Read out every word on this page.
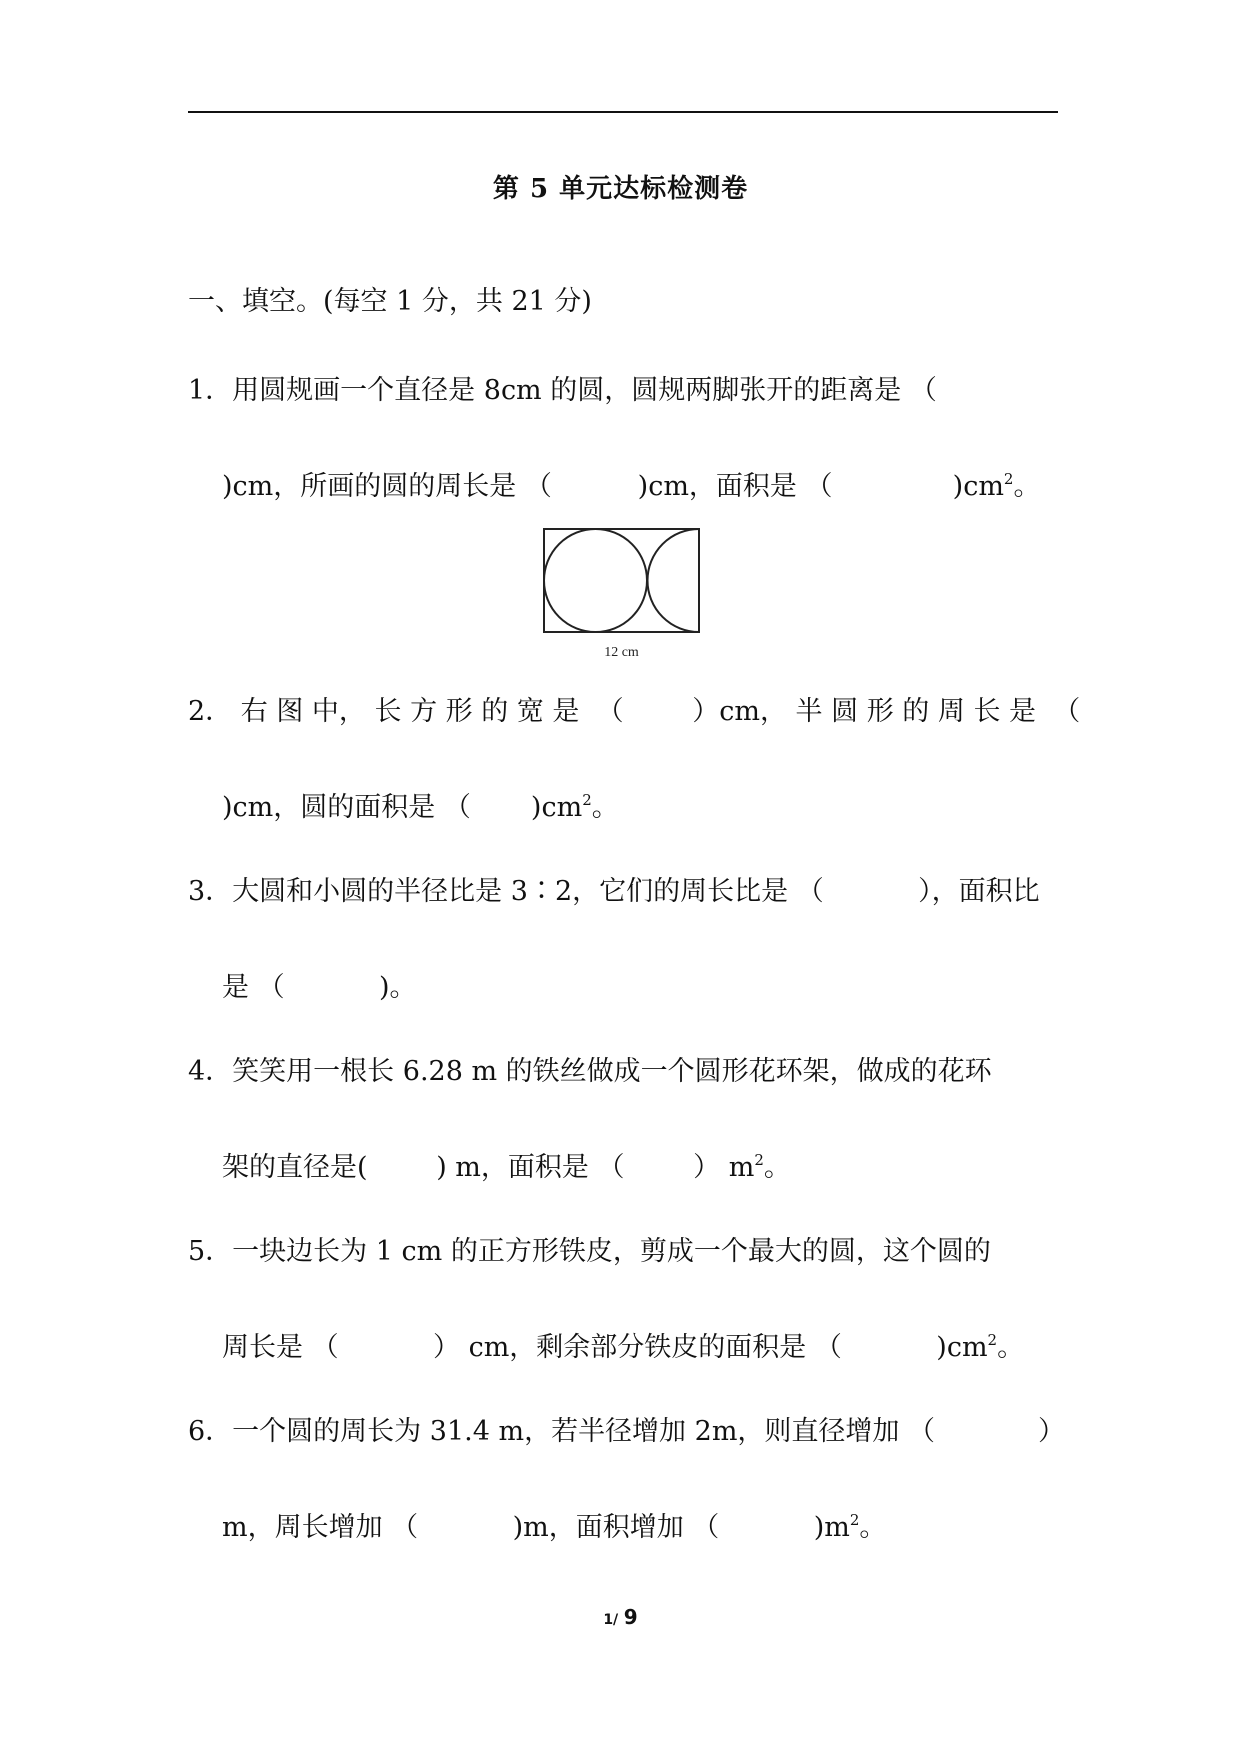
第 5 单元达标检测卷
一、填空。(每空 1 分，共 21 分)
1．用圆规画一个直径是 8cm 的圆，圆规两脚张开的距离是 （
)cm，所画的圆的周长是 （          )cm，面积是 （              )$cm^2$。
12 cm
2． 右 图 中， 长 方 形 的 宽 是  （        ）cm， 半 圆 形 的 周 长 是  （
)cm，圆的面积是 （       )$cm^2$。
3．大圆和小圆的半径比是 3∶2，它们的周长比是 （           ），面积比
是 （           )。
4．笑笑用一根长 6.28 m 的铁丝做成一个圆形花环架，做成的花环
架的直径是(        ) m，面积是 （        ） $m^2$。
5．一块边长为 1 cm 的正方形铁皮，剪成一个最大的圆，这个圆的
周长是 （           ） cm，剩余部分铁皮的面积是 （           )$cm^2$。
6．一个圆的周长为 31.4 m，若半径增加 2m，则直径增加 （            ）
m，周长增加 （           )m，面积增加 （           )$m^2$。
1/ 9
